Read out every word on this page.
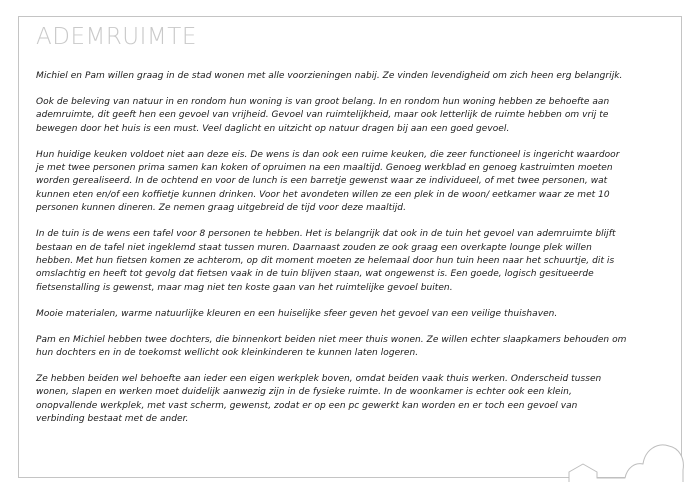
ADEMRUIMTE

Michiel en Pam willen graag in de stad wonen met alle voorzieningen nabij. Ze vinden levendigheid om zich heen erg belangrijk.

Ook de beleving van natuur in en rondom hun woning is van groot belang. In en rondom hun woning hebben ze behoefte aan ademruimte, dit geeft hen een gevoel van vrijheid. Gevoel van ruimtelijkheid, maar ook letterlijk de ruimte hebben om vrij te bewegen door het huis is een must. Veel daglicht en uitzicht op natuur dragen bij aan een goed gevoel.

Hun huidige keuken voldoet niet aan deze eis. De wens is dan ook een ruime keuken, die zeer functioneel is ingericht waardoor je met twee personen prima samen kan koken of opruimen na een maaltijd. Genoeg werkblad en genoeg kastruimten moeten worden gerealiseerd. In de ochtend en voor de lunch is een barretje gewenst waar ze individueel, of met twee personen, wat kunnen eten en/of een koffietje kunnen drinken. Voor het avondeten willen ze een plek in de woon/ eetkamer waar ze met 10 personen kunnen dineren. Ze nemen graag uitgebreid de tijd voor deze maaltijd.

In de tuin is de wens een tafel voor 8 personen te hebben. Het is belangrijk dat ook in de tuin het gevoel van ademruimte blijft bestaan en de tafel niet ingeklemd staat tussen muren. Daarnaast zouden ze ook graag een overkapte lounge plek willen hebben. Met hun fietsen komen ze achterom, op dit moment moeten ze helemaal door hun tuin heen naar het schuurtje, dit is omslachtig en heeft tot gevolg dat fietsen vaak in de tuin blijven staan, wat ongewenst is. Een goede, logisch gesitueerde fietsenstalling is gewenst, maar mag niet ten koste gaan van het ruimtelijke gevoel buiten.

Mooie materialen, warme natuurlijke kleuren en een huiselijke sfeer geven het gevoel van een veilige thuishaven.

Pam en Michiel hebben twee dochters, die binnenkort beiden niet meer thuis wonen. Ze willen echter slaapkamers behouden om hun dochters en in de toekomst wellicht ook kleinkinderen te kunnen laten logeren.

Ze hebben beiden wel behoefte aan ieder een eigen werkplek boven, omdat beiden vaak thuis werken. Onderscheid tussen wonen, slapen en werken moet duidelijk aanwezig zijn in de fysieke ruimte. In de woonkamer is echter ook een klein, onopvallende werkplek, met vast scherm, gewenst, zodat er op een pc gewerkt kan worden en er toch een gevoel van verbinding bestaat met de ander.
